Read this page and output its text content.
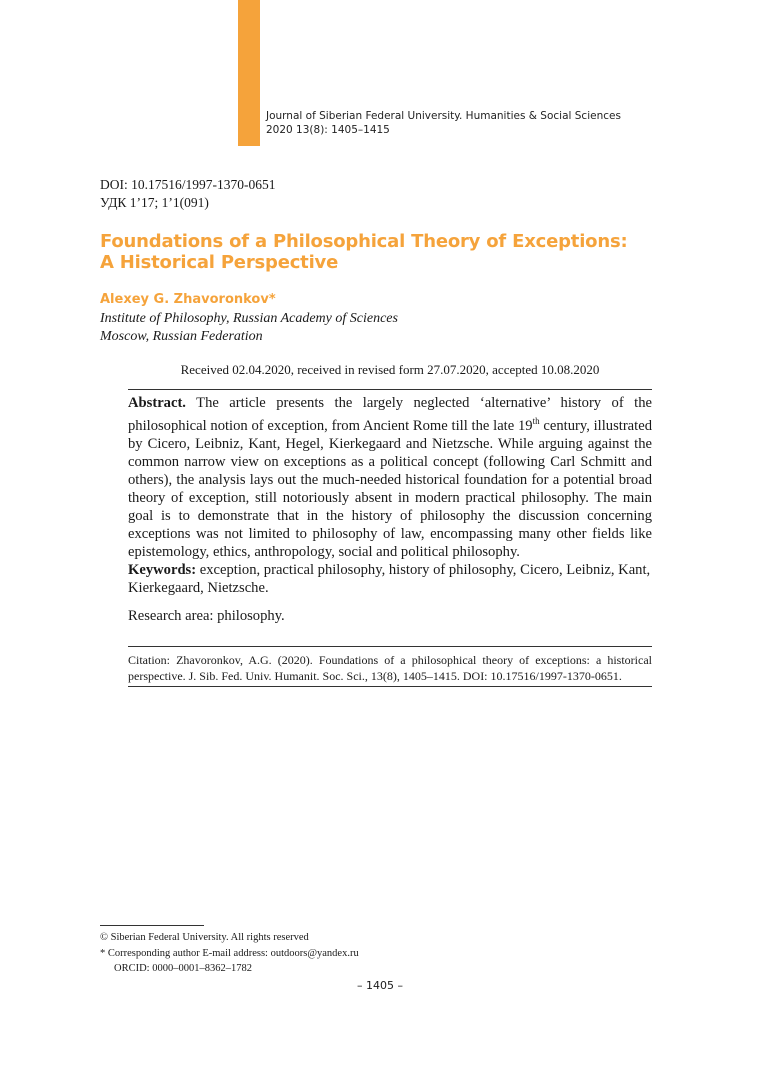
Journal of Siberian Federal University. Humanities & Social Sciences
2020 13(8): 1405–1415
DOI: 10.17516/1997-1370-0651
УДК 1’17; 1’1(091)
Foundations of a Philosophical Theory of Exceptions:
A Historical Perspective
Alexey G. Zhavoronkov*
Institute of Philosophy, Russian Academy of Sciences
Moscow, Russian Federation
Received 02.04.2020, received in revised form 27.07.2020, accepted 10.08.2020
Abstract. The article presents the largely neglected ‘alternative’ history of the philosophical notion of exception, from Ancient Rome till the late 19th century, illustrated by Cicero, Leibniz, Kant, Hegel, Kierkegaard and Nietzsche. While arguing against the common narrow view on exceptions as a political concept (following Carl Schmitt and others), the analysis lays out the much-needed historical foundation for a potential broad theory of exception, still notoriously absent in modern practical philosophy. The main goal is to demonstrate that in the history of philosophy the discussion concerning exceptions was not limited to philosophy of law, encompassing many other fields like epistemology, ethics, anthropology, social and political philosophy.
Keywords: exception, practical philosophy, history of philosophy, Cicero, Leibniz, Kant, Kierkegaard, Nietzsche.
Research area: philosophy.
Citation: Zhavoronkov, A.G. (2020). Foundations of a philosophical theory of exceptions: a historical perspective. J. Sib. Fed. Univ. Humanit. Soc. Sci., 13(8), 1405–1415. DOI: 10.17516/1997-1370-0651.
© Siberian Federal University. All rights reserved
* Corresponding author E-mail address: outdoors@yandex.ru
ORCID: 0000–0001–8362–1782
– 1405 –
